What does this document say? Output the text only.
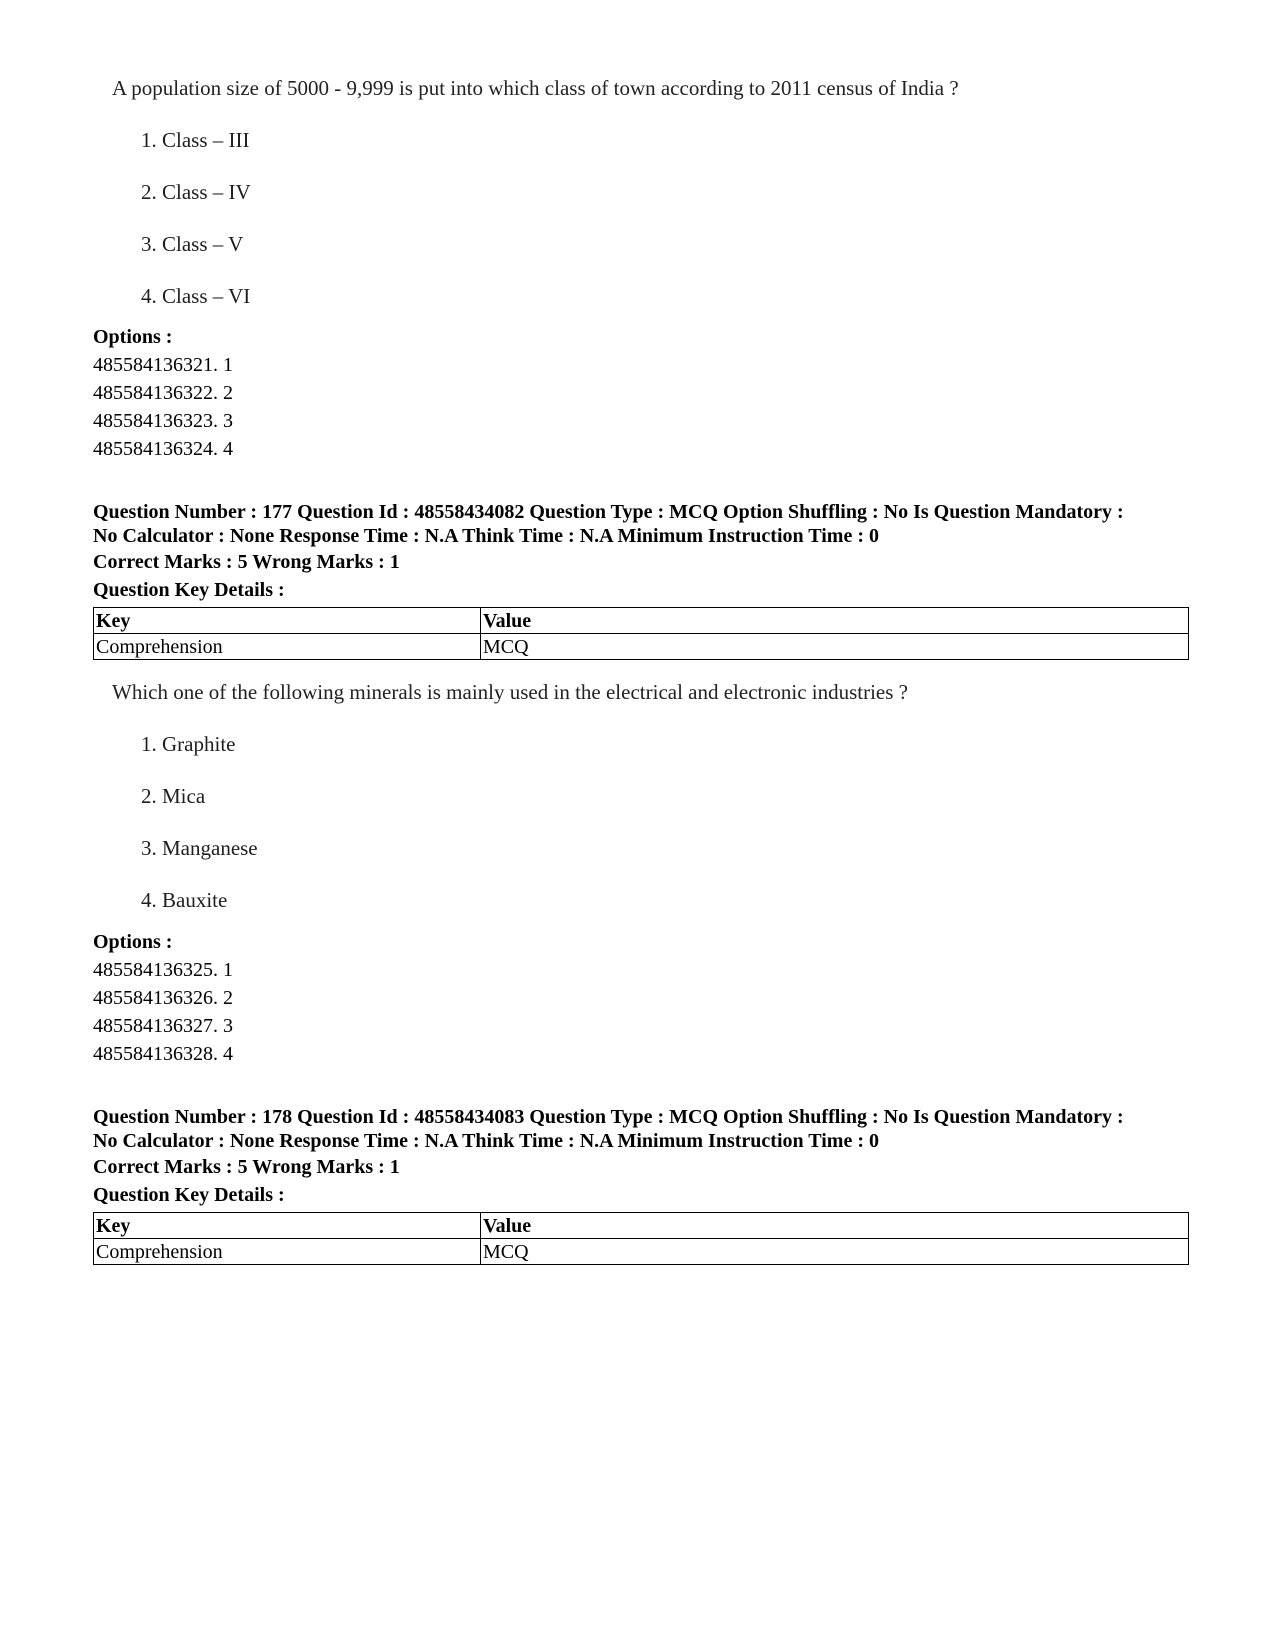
A population size of 5000 - 9,999 is put into which class of town according to 2011 census of India ?
1. Class – III
2. Class – IV
3. Class – V
4. Class – VI
Options :
485584136321. 1
485584136322. 2
485584136323. 3
485584136324. 4
Question Number : 177 Question Id : 48558434082 Question Type : MCQ Option Shuffling : No Is Question Mandatory :
No Calculator : None Response Time : N.A Think Time : N.A Minimum Instruction Time : 0
Correct Marks : 5 Wrong Marks : 1
Question Key Details :
Key	Value
Comprehension	MCQ
Which one of the following minerals is mainly used in the electrical and electronic industries ?
1. Graphite
2. Mica
3. Manganese
4. Bauxite
Options :
485584136325. 1
485584136326. 2
485584136327. 3
485584136328. 4
Question Number : 178 Question Id : 48558434083 Question Type : MCQ Option Shuffling : No Is Question Mandatory :
No Calculator : None Response Time : N.A Think Time : N.A Minimum Instruction Time : 0
Correct Marks : 5 Wrong Marks : 1
Question Key Details :
Key	Value
Comprehension	MCQ
